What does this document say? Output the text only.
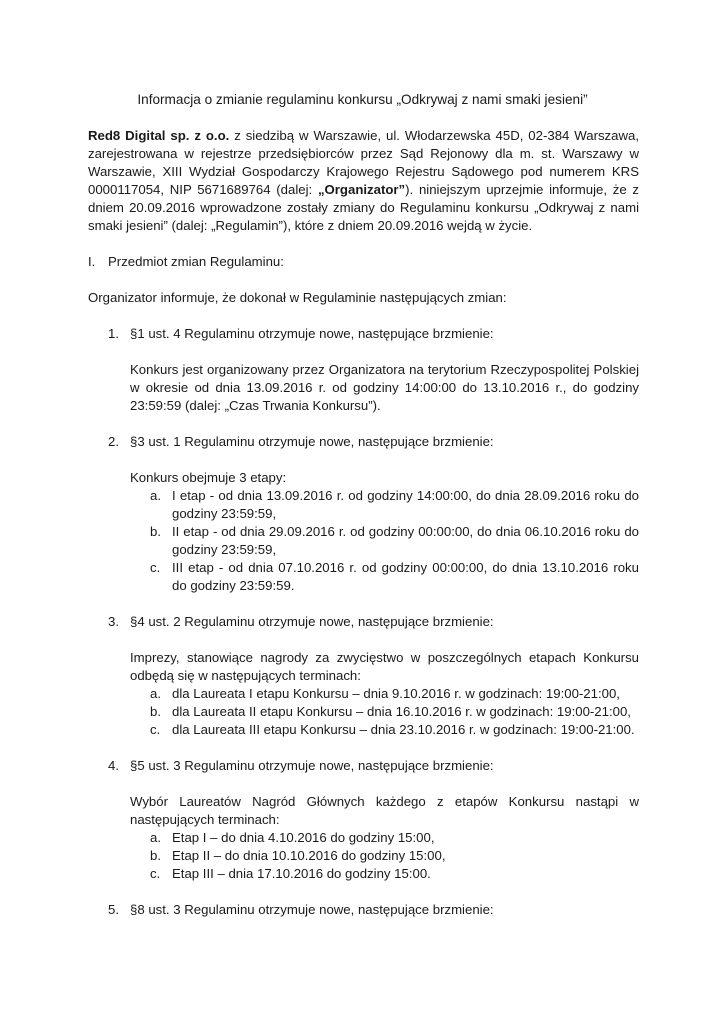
Informacja o zmianie regulaminu konkursu „Odkrywaj z nami smaki jesieni”

Red8 Digital sp. z o.o. z siedzibą w Warszawie, ul. Włodarzewska 45D, 02-384 Warszawa,

zarejestrowana w rejestrze przedsiębiorców przez Sąd Rejonowy dla m. st. Warszawy w

Warszawie, XIII Wydział Gospodarczy Krajowego Rejestru Sądowego pod numerem KRS

0000117054, NIP 5671689764 (dalej: „Organizator”). niniejszym uprzejmie informuje, że z

dniem 20.09.2016 wprowadzone zostały zmiany do Regulaminu konkursu „Odkrywaj z nami

smaki jesieni” (dalej: „Regulamin”), które z dniem 20.09.2016 wejdą w życie.

I. Przedmiot zmian Regulaminu:

Organizator informuje, że dokonał w Regulaminie następujących zmian:

1. §1 ust. 4 Regulaminu otrzymuje nowe, następujące brzmienie:

Konkurs jest organizowany przez Organizatora na terytorium Rzeczypospolitej Polskiej

w okresie od dnia 13.09.2016 r. od godziny 14:00:00 do 13.10.2016 r., do godziny

23:59:59 (dalej: „Czas Trwania Konkursu”).

2. §3 ust. 1 Regulaminu otrzymuje nowe, następujące brzmienie:

Konkurs obejmuje 3 etapy:

a. I etap - od dnia 13.09.2016 r. od godziny 14:00:00, do dnia 28.09.2016 roku do

godziny 23:59:59,

b. II etap - od dnia 29.09.2016 r. od godziny 00:00:00, do dnia 06.10.2016 roku do

godziny 23:59:59,

c. III etap - od dnia 07.10.2016 r. od godziny 00:00:00, do dnia 13.10.2016 roku

do godziny 23:59:59.

3. §4 ust. 2 Regulaminu otrzymuje nowe, następujące brzmienie:

Imprezy, stanowiące nagrody za zwycięstwo w poszczególnych etapach Konkursu

odbędą się w następujących terminach:

a. dla Laureata I etapu Konkursu – dnia 9.10.2016 r. w godzinach: 19:00-21:00,

b. dla Laureata II etapu Konkursu – dnia 16.10.2016 r. w godzinach: 19:00-21:00,

c. dla Laureata III etapu Konkursu – dnia 23.10.2016 r. w godzinach: 19:00-21:00.

4. §5 ust. 3 Regulaminu otrzymuje nowe, następujące brzmienie:

Wybór Laureatów Nagród Głównych każdego z etapów Konkursu nastąpi w

następujących terminach:

a. Etap I – do dnia 4.10.2016 do godziny 15:00,

b. Etap II – do dnia 10.10.2016 do godziny 15:00,

c. Etap III – dnia 17.10.2016 do godziny 15:00.

5. §8 ust. 3 Regulaminu otrzymuje nowe, następujące brzmienie:
